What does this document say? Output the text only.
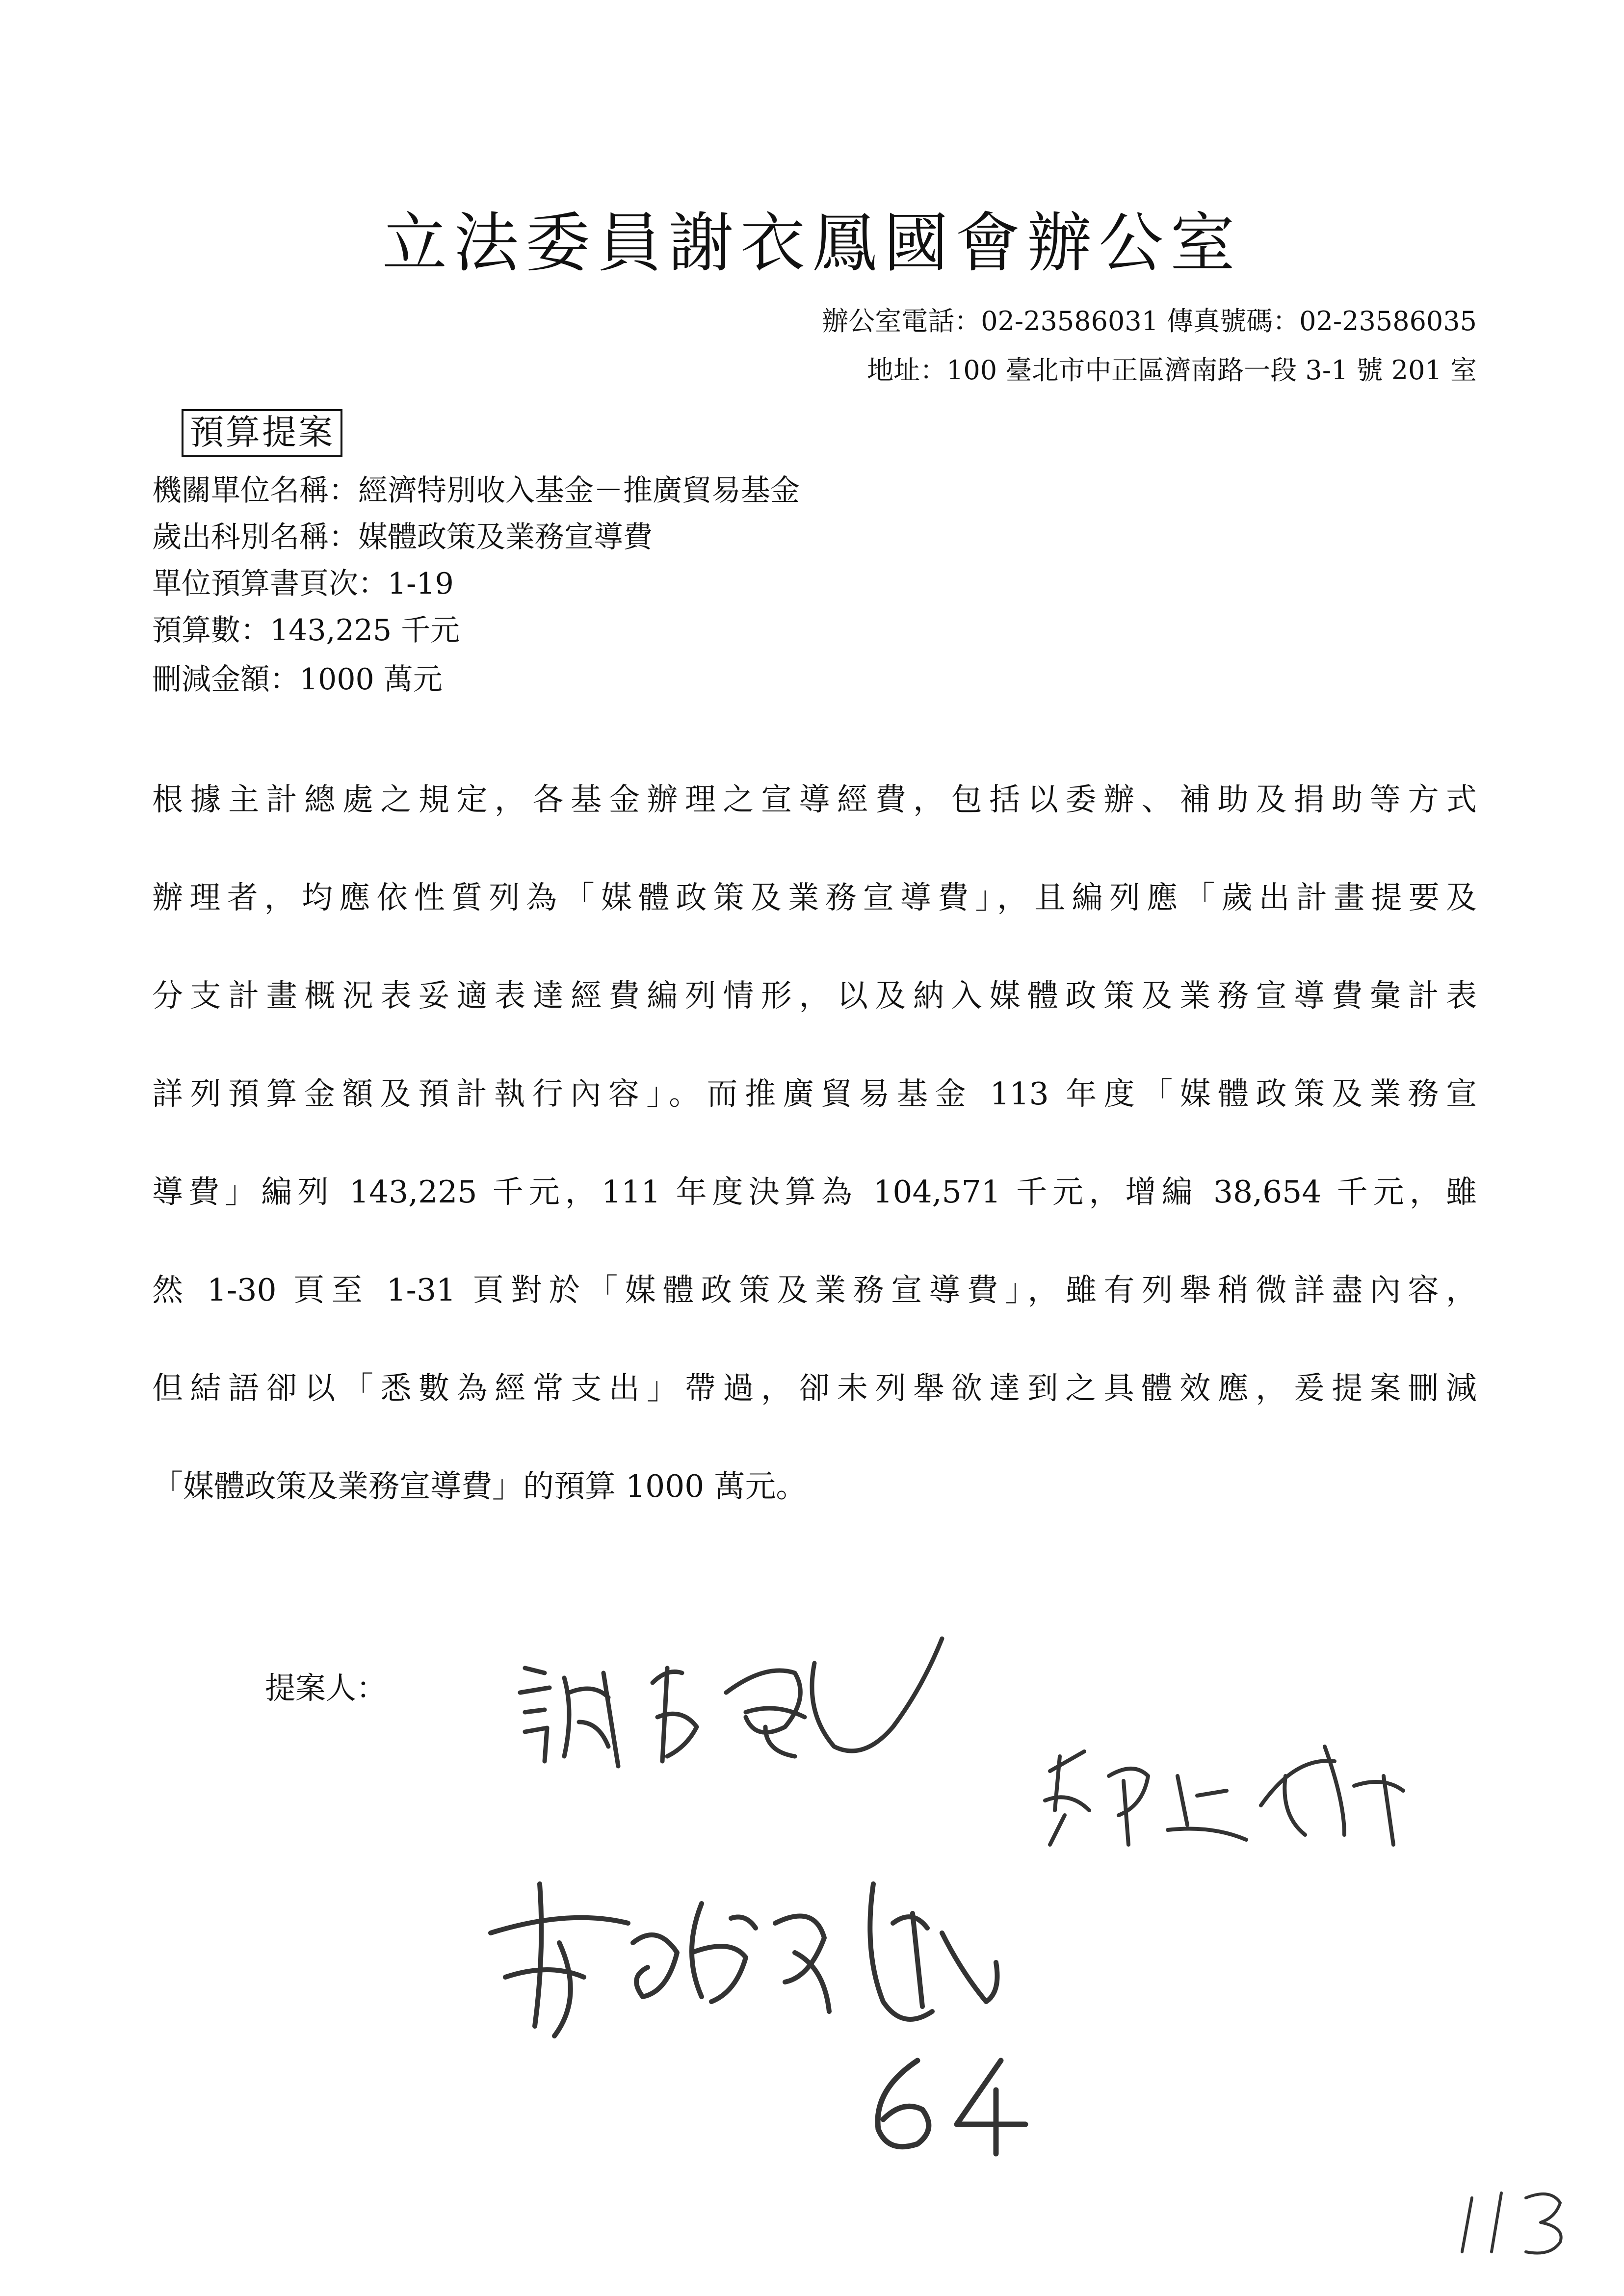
立法委員謝衣鳳國會辦公室
辦公室電話：02-23586031 傳真號碼：02-23586035
地址：100 臺北市中正區濟南路一段 3-1 號 201 室
預算提案
機關單位名稱：經濟特別收入基金－推廣貿易基金
歲出科別名稱：媒體政策及業務宣導費
單位預算書頁次：1-19
預算數：143,225 千元
刪減金額：1000 萬元
根據主計總處之規定，各基金辦理之宣導經費，包括以委辦、補助及捐助等方式
辦理者，均應依性質列為「媒體政策及業務宣導費」，且編列應「歲出計畫提要及
分支計畫概況表妥適表達經費編列情形，以及納入媒體政策及業務宣導費彙計表
詳列預算金額及預計執行內容」。而推廣貿易基金 113 年度「媒體政策及業務宣
導費」編列 143,225 千元，111 年度決算為 104,571 千元，增編 38,654 千元，雖
然 1-30 頁至 1-31 頁對於「媒體政策及業務宣導費」，雖有列舉稍微詳盡內容，
但結語卻以「悉數為經常支出」帶過，卻未列舉欲達到之具體效應，爰提案刪減
「媒體政策及業務宣導費」的預算 1000 萬元。
提案人：
